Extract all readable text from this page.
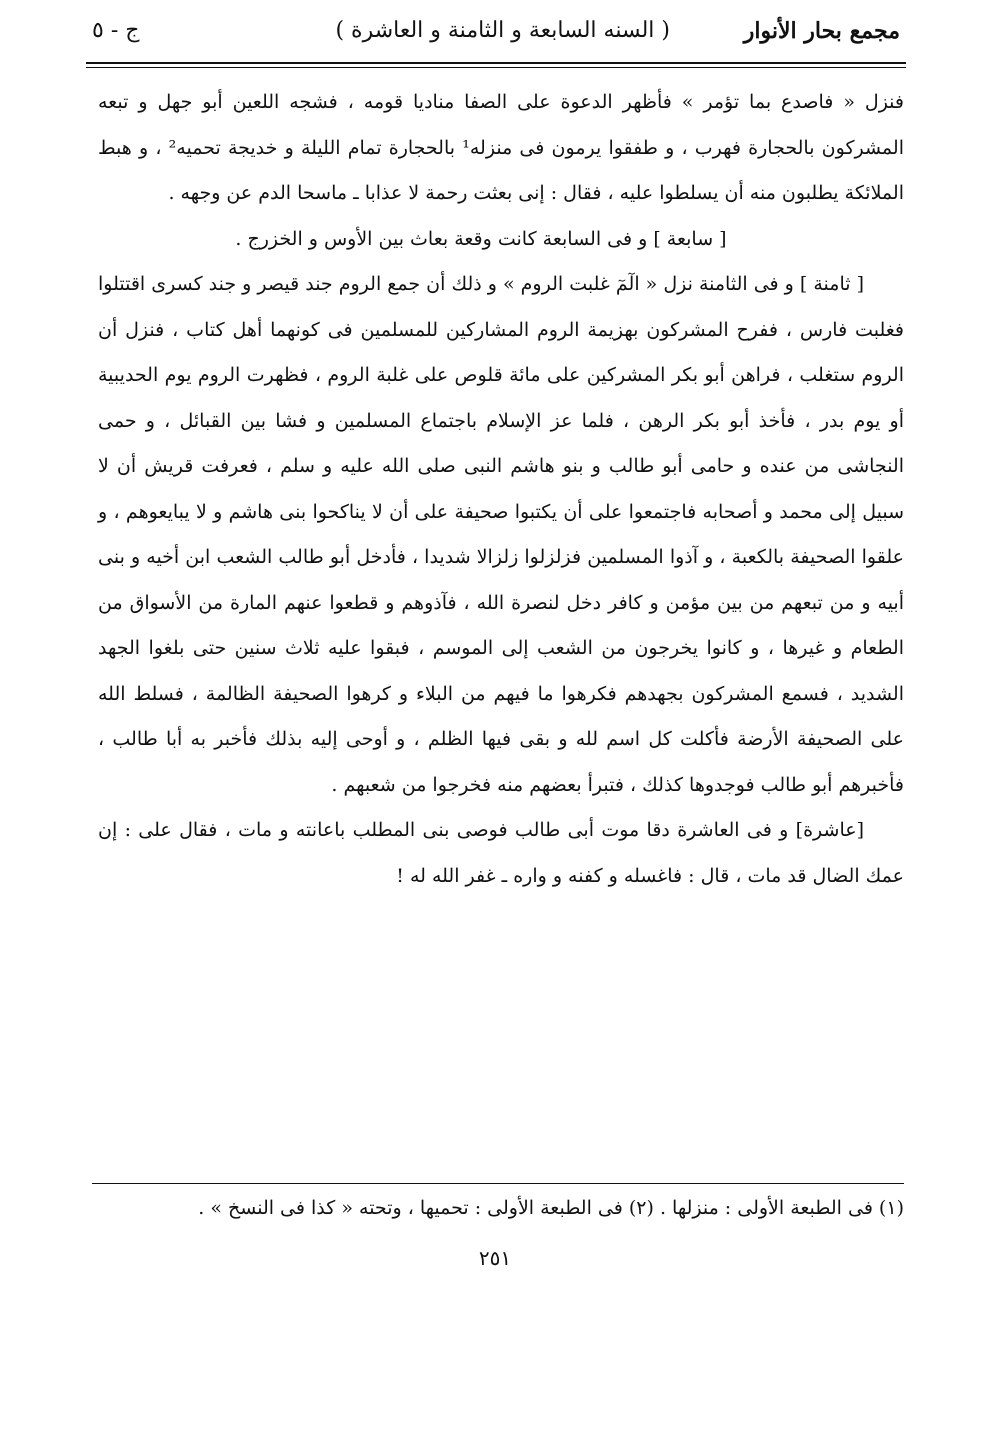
مجمع بحار الأنوار
( السنه السابعة و الثامنة و العاشرة )
ج - ٥

فنزل « فاصدع بما تؤمر » فأظهر الدعوة على الصفا مناديا قومه ، فشجه اللعين أبو جهل و تبعه المشركون بالحجارة فهرب ، و طفقوا يرمون فى منزله¹ بالحجارة تمام الليلة و خديجة تحميه² ، و هبط الملائكة يطلبون منه أن يسلطوا عليه ، فقال : إنى بعثت رحمة لا عذابا ـ ماسحا الدم عن وجهه .

[ سابعة ] و فى السابعة كانت وقعة بعاث بين الأوس و الخزرج .

[ ثامنة ] و فى الثامنة نزل « الٓمٓ غلبت الروم » و ذلك أن جمع الروم جند قيصر و جند كسرى اقتتلوا فغلبت فارس ، ففرح المشركون بهزيمة الروم المشاركين للمسلمين فى كونهما أهل كتاب ، فنزل أن الروم ستغلب ، فراهن أبو بكر المشركين على مائة قلوص على غلبة الروم ، فظهرت الروم يوم الحديبية أو يوم بدر ، فأخذ أبو بكر الرهن ، فلما عز الإسلام باجتماع المسلمين و فشا بين القبائل ، و حمى النجاشى من عنده و حامى أبو طالب و بنو هاشم النبى صلى الله عليه و سلم ، فعرفت قريش أن لا سبيل إلى محمد و أصحابه فاجتمعوا على أن يكتبوا صحيفة على أن لا يناكحوا بنى هاشم و لا يبايعوهم ، و علقوا الصحيفة بالكعبة ، و آذوا المسلمين فزلزلوا زلزالا شديدا ، فأدخل أبو طالب الشعب ابن أخيه و بنى أبيه و من تبعهم من بين مؤمن و كافر دخل لنصرة الله ، فآذوهم و قطعوا عنهم المارة من الأسواق من الطعام و غيرها ، و كانوا يخرجون من الشعب إلى الموسم ، فبقوا عليه ثلاث سنين حتى بلغوا الجهد الشديد ، فسمع المشركون بجهدهم فكرهوا ما فيهم من البلاء و كرهوا الصحيفة الظالمة ، فسلط الله على الصحيفة الأرضة فأكلت كل اسم لله و بقى فيها الظلم ، و أوحى إليه بذلك فأخبر به أبا طالب ، فأخبرهم أبو طالب فوجدوها كذلك ، فتبرأ بعضهم منه فخرجوا من شعبهم .

[عاشرة] و فى العاشرة دقا موت أبى طالب فوصى بنى المطلب باعانته و مات ، فقال على : إن عمك الضال قد مات ، قال : فاغسله و كفنه و واره ـ غفر الله له !

(١) فى الطبعة الأولى : منزلها . (٢) فى الطبعة الأولى : تحميها ، وتحته « كذا فى النسخ » .
٢٥١
